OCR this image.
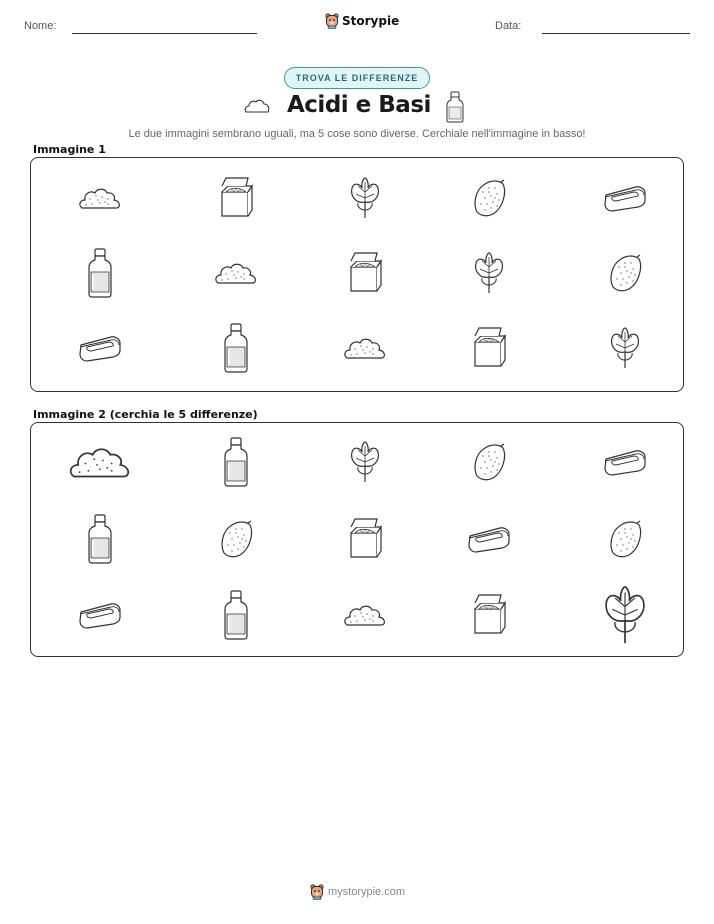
Nome:	Storypie	Data:
TROVA LE DIFFERENZE
Acidi e Basi
Le due immagini sembrano uguali, ma 5 cose sono diverse. Cerchiale nell'immagine in basso!
Immagine 1
Immagine 2 (cerchia le 5 differenze)
mystorypie.com
